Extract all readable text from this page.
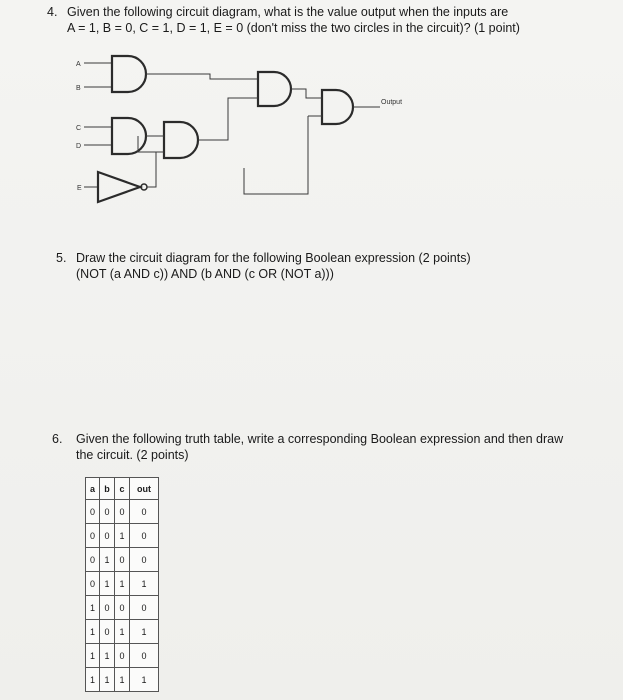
4. Given the following circuit diagram, what is the value output when the inputs are
A = 1, B = 0, C = 1, D = 1, E = 0 (don't miss the two circles in the circuit)? (1 point)
A
B
C
D
E
Output
5. Draw the circuit diagram for the following Boolean expression (2 points)
(NOT (a AND c)) AND (b AND (c OR (NOT a)))
6. Given the following truth table, write a corresponding Boolean expression and then draw
the circuit. (2 points)
a	b	c	out
0	0	0	0
0	0	1	0
0	1	0	0
0	1	1	1
1	0	0	0
1	0	1	1
1	1	0	0
1	1	1	1
